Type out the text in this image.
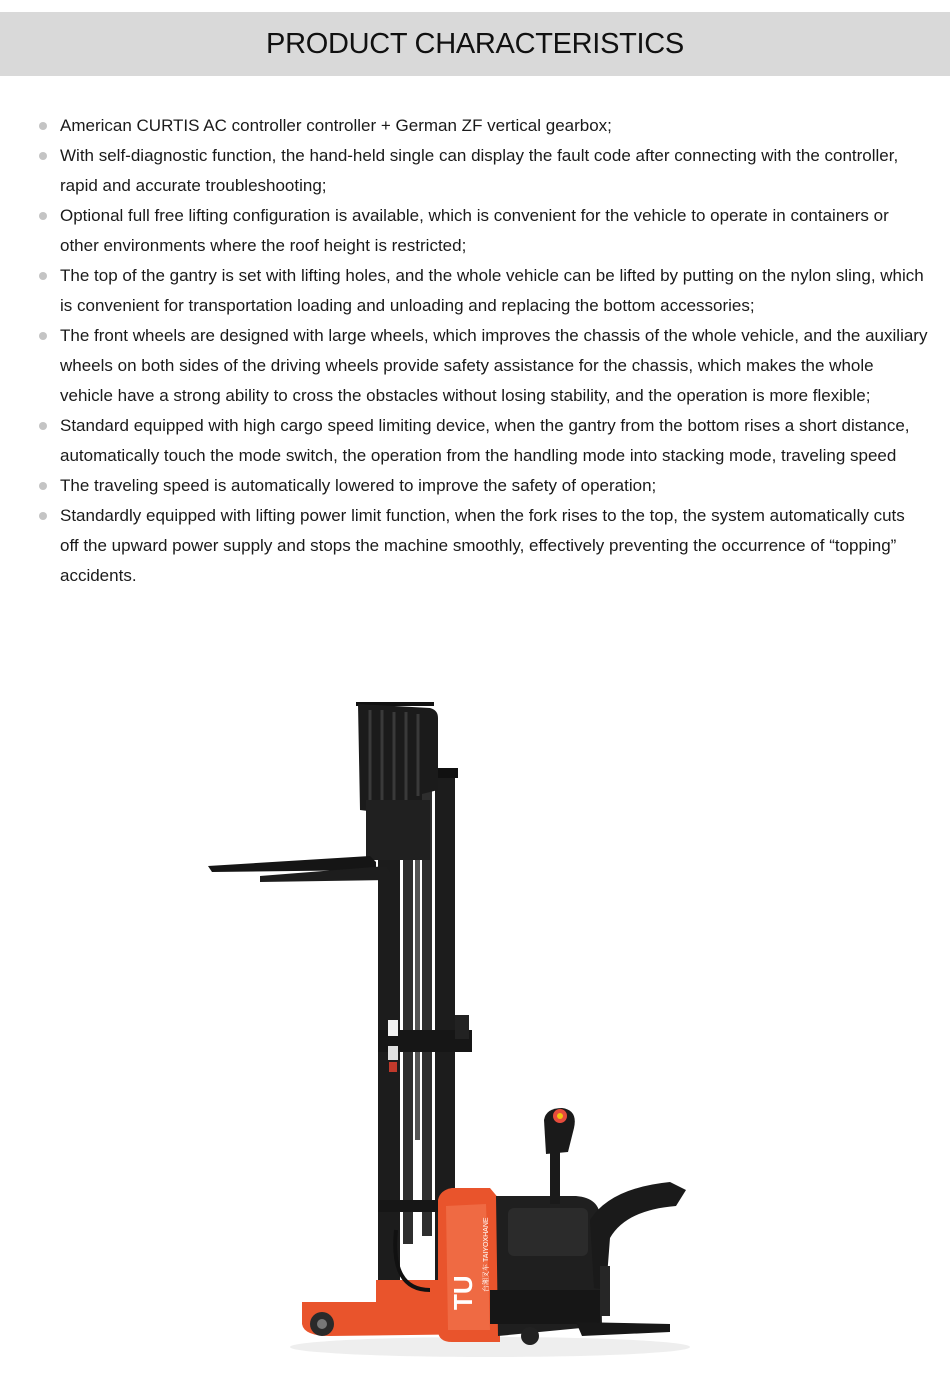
PRODUCT CHARACTERISTICS
American CURTIS AC controller controller + German ZF vertical gearbox;
With self-diagnostic function, the hand-held single can display the fault code after connecting with the controller, rapid and accurate troubleshooting;
Optional full free lifting configuration is available, which is convenient for the vehicle to operate in containers or other environments where the roof height is restricted;
The top of the gantry is set with lifting holes, and the whole vehicle can be lifted by putting on the nylon sling, which is convenient for transportation loading and unloading and replacing the bottom accessories;
The front wheels are designed with large wheels, which improves the chassis of the whole vehicle, and the auxiliary wheels on both sides of the driving wheels provide safety assistance for the chassis, which makes the whole vehicle have a strong ability to cross the obstacles without losing stability, and the operation is more flexible;
Standard equipped with high cargo speed limiting device, when the gantry from the bottom rises a short distance, automatically touch the mode switch, the operation from the handling mode into stacking mode, traveling speed
The traveling speed is automatically lowered to improve the safety of operation;
Standardly equipped with lifting power limit function, when the fork rises to the top, the system automatically cuts off the upward power supply and stops the machine smoothly, effectively preventing the occurrence of “topping” accidents.
TU
台湘叉车 TAIYOXHANE
